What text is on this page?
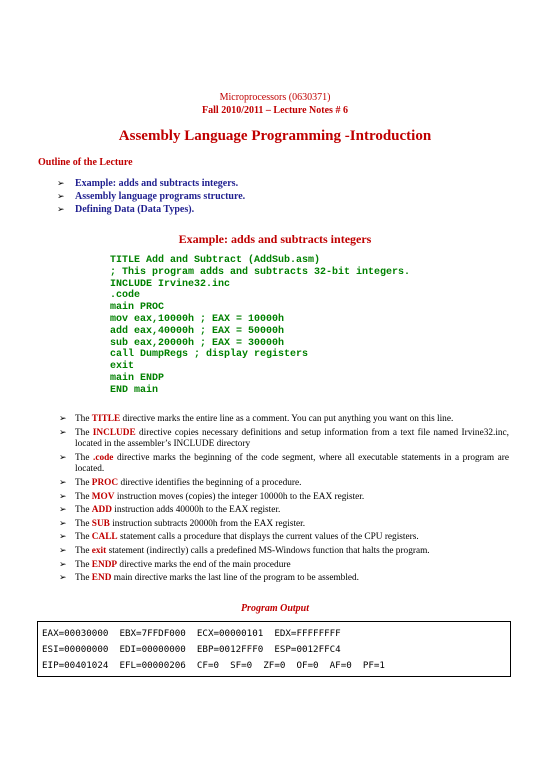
Microprocessors (0630371)
Fall 2010/2011 – Lecture Notes # 6
Assembly Language Programming -Introduction
Outline of the Lecture
➢ Example: adds and subtracts integers.
➢ Assembly language programs structure.
➢ Defining Data (Data Types).
Example: adds and subtracts integers
TITLE Add and Subtract (AddSub.asm)
; This program adds and subtracts 32-bit integers.
INCLUDE Irvine32.inc
.code
main PROC
mov eax,10000h ; EAX = 10000h
add eax,40000h ; EAX = 50000h
sub eax,20000h ; EAX = 30000h
call DumpRegs ; display registers
exit
main ENDP
END main
➢ The TITLE directive marks the entire line as a comment. You can put anything you want on this line.
➢ The INCLUDE directive copies necessary definitions and setup information from a text file named Irvine32.inc, located in the assembler’s INCLUDE directory
➢ The .code directive marks the beginning of the code segment, where all executable statements in a program are located.
➢ The PROC directive identifies the beginning of a procedure.
➢ The MOV instruction moves (copies) the integer 10000h to the EAX register.
➢ The ADD instruction adds 40000h to the EAX register.
➢ The SUB instruction subtracts 20000h from the EAX register.
➢ The CALL statement calls a procedure that displays the current values of the CPU registers.
➢ The exit statement (indirectly) calls a predefined MS-Windows function that halts the program.
➢ The ENDP directive marks the end of the main procedure
➢ The END main directive marks the last line of the program to be assembled.
Program Output
EAX=00030000  EBX=7FFDF000  ECX=00000101  EDX=FFFFFFFF
ESI=00000000  EDI=00000000  EBP=0012FFF0  ESP=0012FFC4
EIP=00401024  EFL=00000206  CF=0  SF=0  ZF=0  OF=0  AF=0  PF=1
